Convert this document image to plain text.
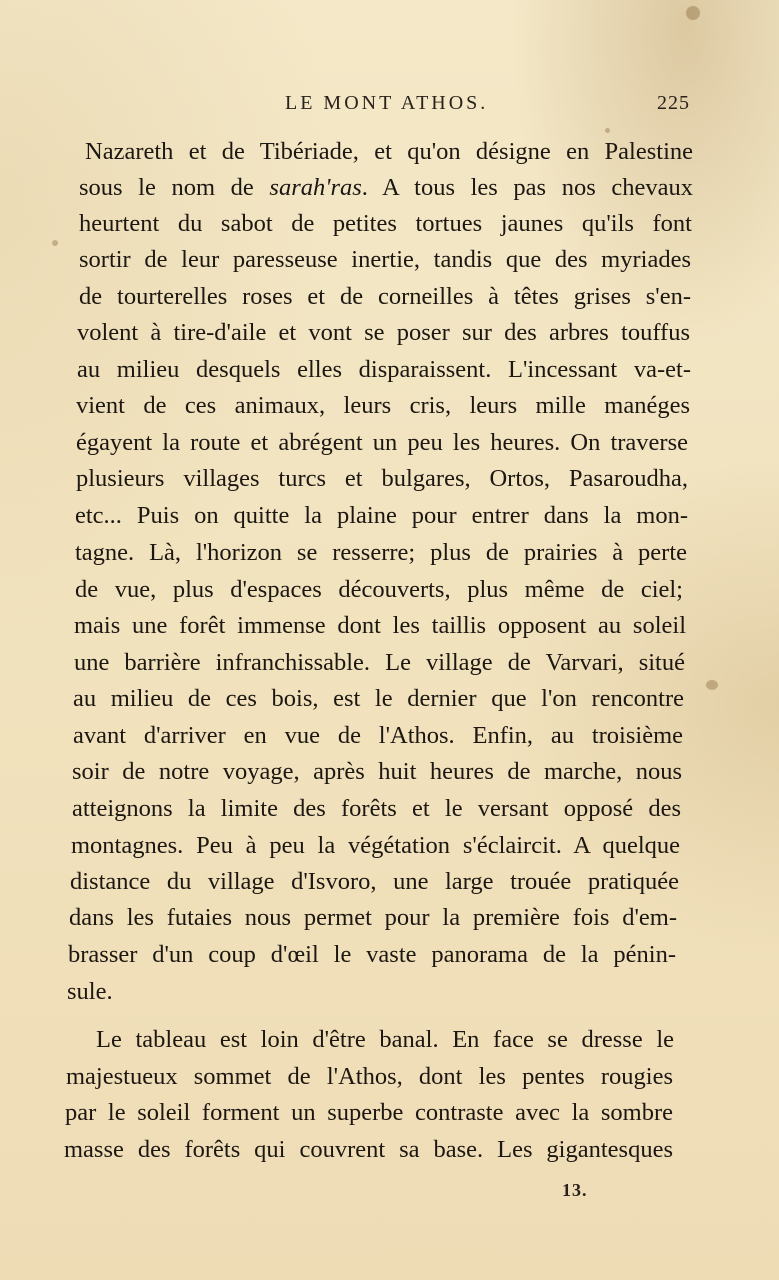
LE MONT ATHOS.	225
Nazareth et de Tibériade, et qu'on désigne en Palestine
sous le nom de sarah'ras. A tous les pas nos chevaux
heurtent du sabot de petites tortues jaunes qu'ils font
sortir de leur paresseuse inertie, tandis que des myriades
de tourterelles roses et de corneilles à têtes grises s'en-
volent à tire-d'aile et vont se poser sur des arbres touffus
au milieu desquels elles disparaissent. L'incessant va-et-
vient de ces animaux, leurs cris, leurs mille manéges
égayent la route et abrégent un peu les heures. On traverse
plusieurs villages turcs et bulgares, Ortos, Pasaroudha,
etc... Puis on quitte la plaine pour entrer dans la mon-
tagne. Là, l'horizon se resserre; plus de prairies à perte
de vue, plus d'espaces découverts, plus même de ciel;
mais une forêt immense dont les taillis opposent au soleil
une barrière infranchissable. Le village de Varvari, situé
au milieu de ces bois, est le dernier que l'on rencontre
avant d'arriver en vue de l'Athos. Enfin, au troisième
soir de notre voyage, après huit heures de marche, nous
atteignons la limite des forêts et le versant opposé des
montagnes. Peu à peu la végétation s'éclaircit. A quelque
distance du village d'Isvoro, une large trouée pratiquée
dans les futaies nous permet pour la première fois d'em-
brasser d'un coup d'œil le vaste panorama de la pénin-
sule.
Le tableau est loin d'être banal. En face se dresse le
majestueux sommet de l'Athos, dont les pentes rougies
par le soleil forment un superbe contraste avec la sombre
masse des forêts qui couvrent sa base. Les gigantesques
13.
